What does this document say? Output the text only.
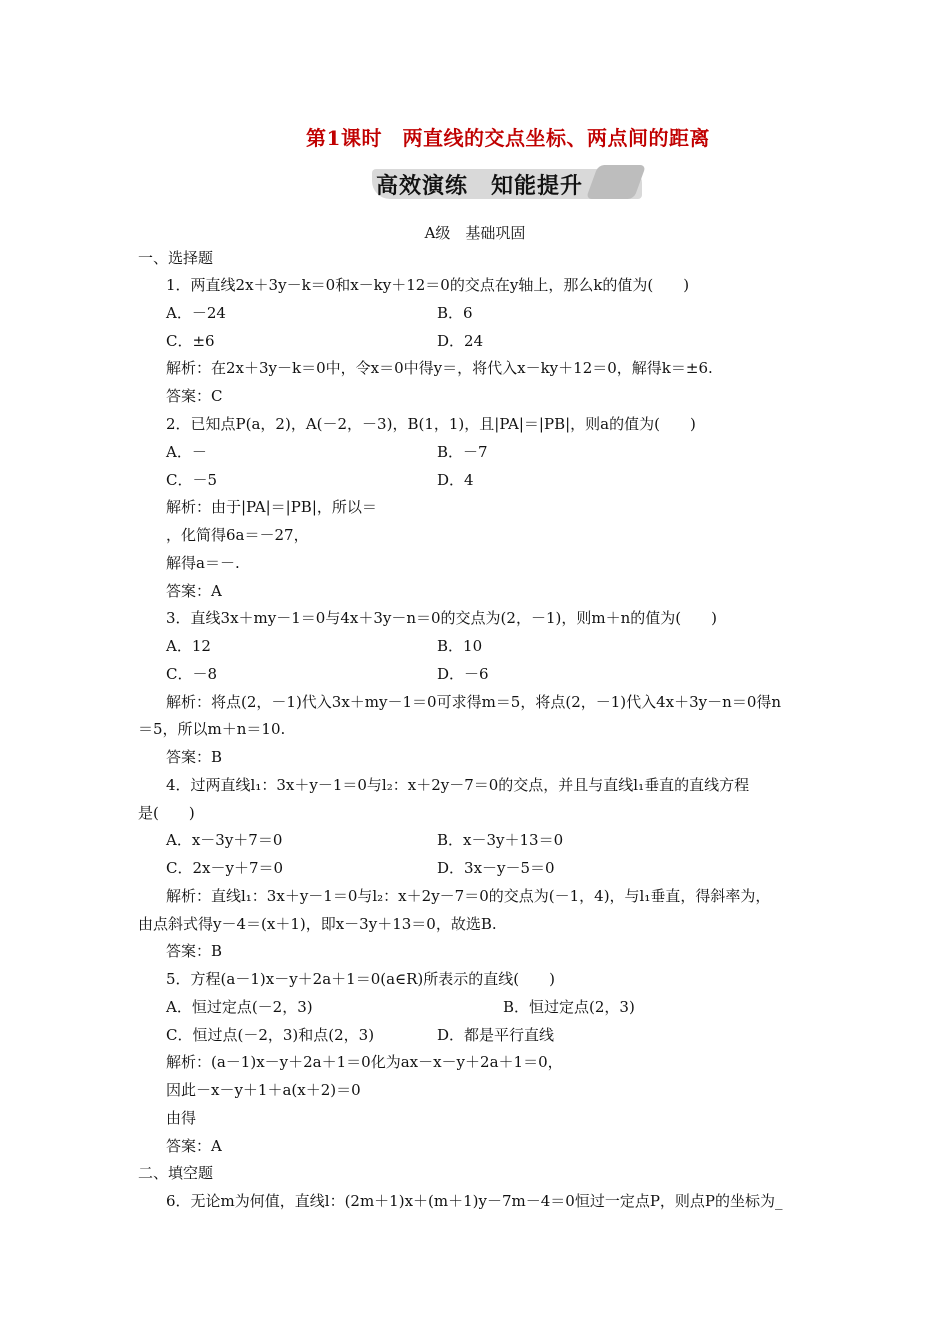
第1课时　两直线的交点坐标、两点间的距离
高效演练　知能提升
A级　基础巩固
一、选择题
1．两直线2x＋3y－k＝0和x－ky＋12＝0的交点在y轴上，那么k的值为(　　)
A．－24	B．6
C．±6	D．24
解析：在2x＋3y－k＝0中，令x＝0中得y＝，将代入x－ky＋12＝0，解得k＝±6.
答案：C
2．已知点P(a，2)，A(－2，－3)，B(1，1)，且|PA|＝|PB|，则a的值为(　　)
A．－	B．－7
C．－5	D．4
解析：由于|PA|＝|PB|，所以＝
，化简得6a＝－27，
解得a＝－.
答案：A
3．直线3x＋my－1＝0与4x＋3y－n＝0的交点为(2，－1)，则m＋n的值为(　　)
A．12	B．10
C．－8	D．－6
解析：将点(2，－1)代入3x＋my－1＝0可求得m＝5，将点(2，－1)代入4x＋3y－n＝0得n
＝5，所以m＋n＝10.
答案：B
4．过两直线l₁：3x＋y－1＝0与l₂：x＋2y－7＝0的交点，并且与直线l₁垂直的直线方程
是(　　)
A．x－3y＋7＝0	B．x－3y＋13＝0
C．2x－y＋7＝0	D．3x－y－5＝0
解析：直线l₁：3x＋y－1＝0与l₂：x＋2y－7＝0的交点为(－1，4)，与l₁垂直，得斜率为，
由点斜式得y－4＝(x＋1)，即x－3y＋13＝0，故选B.
答案：B
5．方程(a－1)x－y＋2a＋1＝0(a∈R)所表示的直线(　　)
A．恒过定点(－2，3)	B．恒过定点(2，3)
C．恒过点(－2，3)和点(2，3)	D．都是平行直线
解析：(a－1)x－y＋2a＋1＝0化为ax－x－y＋2a＋1＝0，
因此－x－y＋1＋a(x＋2)＝0
由得
答案：A
二、填空题
6．无论m为何值，直线l：(2m＋1)x＋(m＋1)y－7m－4＝0恒过一定点P，则点P的坐标为_
